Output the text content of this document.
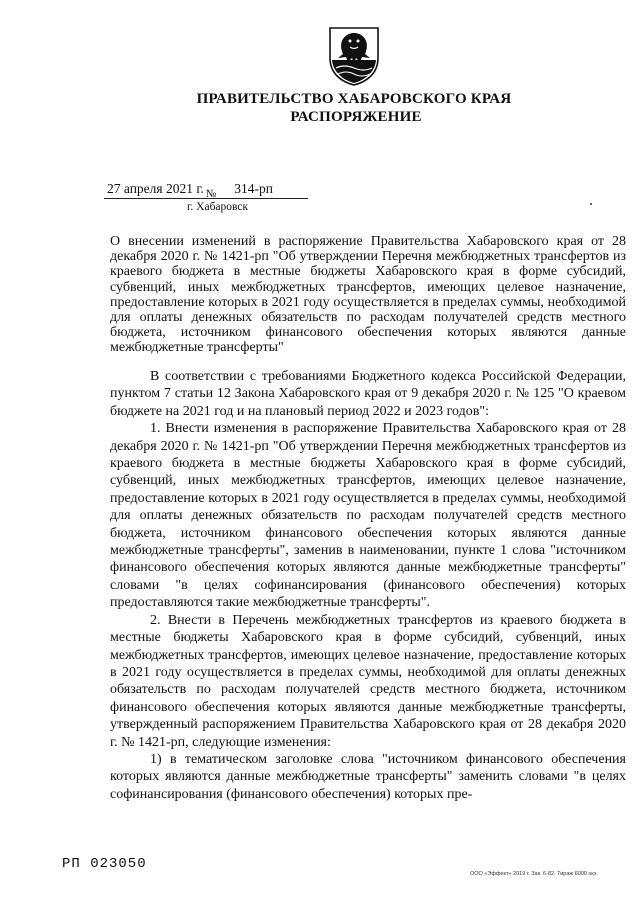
ПРАВИТЕЛЬСТВО ХАБАРОВСКОГО КРАЯ
РАСПОРЯЖЕНИЕ
27 апреля 2021 г. $_№$ 314-рп
г. Хабаровск
О внесении изменений в распоряжение Правительства Хабаровского края от 28 декабря 2020 г. № 1421-рп "Об утверждении Перечня межбюджетных трансфертов из краевого бюджета в местные бюджеты Хабаровского края в форме субсидий, субвенций, иных межбюджетных трансфертов, имеющих целевое назначение, предоставление которых в 2021 году осуществляется в пределах суммы, необходимой для оплаты денежных обязательств по расходам получателей средств местного бюджета, источником финансового обеспечения которых являются данные межбюджетные трансферты"

В соответствии с требованиями Бюджетного кодекса Российской Федерации, пунктом 7 статьи 12 Закона Хабаровского края от 9 декабря 2020 г. № 125 "О краевом бюджете на 2021 год и на плановый период 2022 и 2023 годов":

1. Внести изменения в распоряжение Правительства Хабаровского края от 28 декабря 2020 г. № 1421-рп "Об утверждении Перечня межбюджетных трансфертов из краевого бюджета в местные бюджеты Хабаровского края в форме субсидий, субвенций, иных межбюджетных трансфертов, имеющих целевое назначение, предоставление которых в 2021 году осуществляется в пределах суммы, необходимой для оплаты денежных обязательств по расходам получателей средств местного бюджета, источником финансового обеспечения которых являются данные межбюджетные трансферты", заменив в наименовании, пункте 1 слова "источником финансового обеспечения которых являются данные межбюджетные трансферты" словами "в целях софинансирования (финансового обеспечения) которых предоставляются такие межбюджетные трансферты".

2. Внести в Перечень межбюджетных трансфертов из краевого бюджета в местные бюджеты Хабаровского края в форме субсидий, субвенций, иных межбюджетных трансфертов, имеющих целевое назначение, предоставление которых в 2021 году осуществляется в пределах суммы, необходимой для оплаты денежных обязательств по расходам получателей средств местного бюджета, источником финансового обеспечения которых являются данные межбюджетные трансферты, утвержденный распоряжением Правительства Хабаровского края от 28 декабря 2020 г. № 1421-рп, следующие изменения:

1) в тематическом заголовке слова "источником финансового обеспечения которых являются данные межбюджетные трансферты" заменить словами "в целях софинансирования (финансового обеспечения) которых пре-

РП 023050
ООО «Эффект» 2019 г. Зак. 6-82. Тираж 6000 экз.
